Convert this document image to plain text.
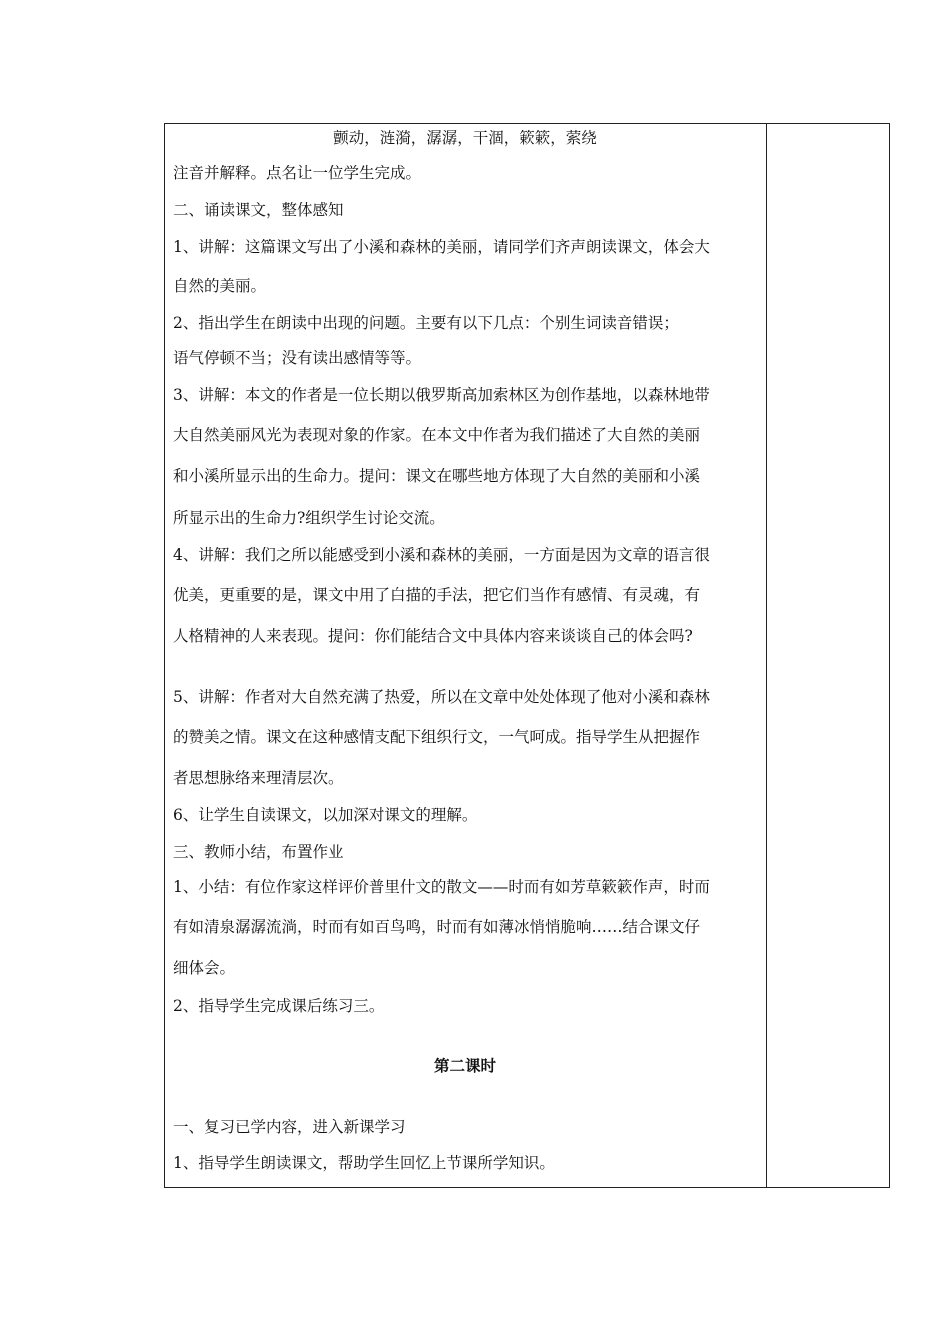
颤动，涟漪，潺潺，干涸，簌簌，萦绕
注音并解释。点名让一位学生完成。
二、诵读课文，整体感知
1、讲解：这篇课文写出了小溪和森林的美丽，请同学们齐声朗读课文，体会大
自然的美丽。
2、指出学生在朗读中出现的问题。主要有以下几点：个别生词读音错误；
语气停顿不当；没有读出感情等等。
3、讲解：本文的作者是一位长期以俄罗斯高加索林区为创作基地，以森林地带
大自然美丽风光为表现对象的作家。在本文中作者为我们描述了大自然的美丽
和小溪所显示出的生命力。提问：课文在哪些地方体现了大自然的美丽和小溪
所显示出的生命力?组织学生讨论交流。
4、讲解：我们之所以能感受到小溪和森林的美丽，一方面是因为文章的语言很
优美，更重要的是，课文中用了白描的手法，把它们当作有感情、有灵魂，有
人格精神的人来表现。提问：你们能结合文中具体内容来谈谈自己的体会吗?
5、讲解：作者对大自然充满了热爱，所以在文章中处处体现了他对小溪和森林
的赞美之情。课文在这种感情支配下组织行文，一气呵成。指导学生从把握作
者思想脉络来理清层次。
6、让学生自读课文，以加深对课文的理解。
三、教师小结，布置作业
1、小结：有位作家这样评价普里什文的散文——时而有如芳草簌簌作声，时而
有如清泉潺潺流淌，时而有如百鸟鸣，时而有如薄冰悄悄脆响……结合课文仔
细体会。
2、指导学生完成课后练习三。
第二课时
一、复习已学内容，进入新课学习
1、指导学生朗读课文，帮助学生回忆上节课所学知识。
